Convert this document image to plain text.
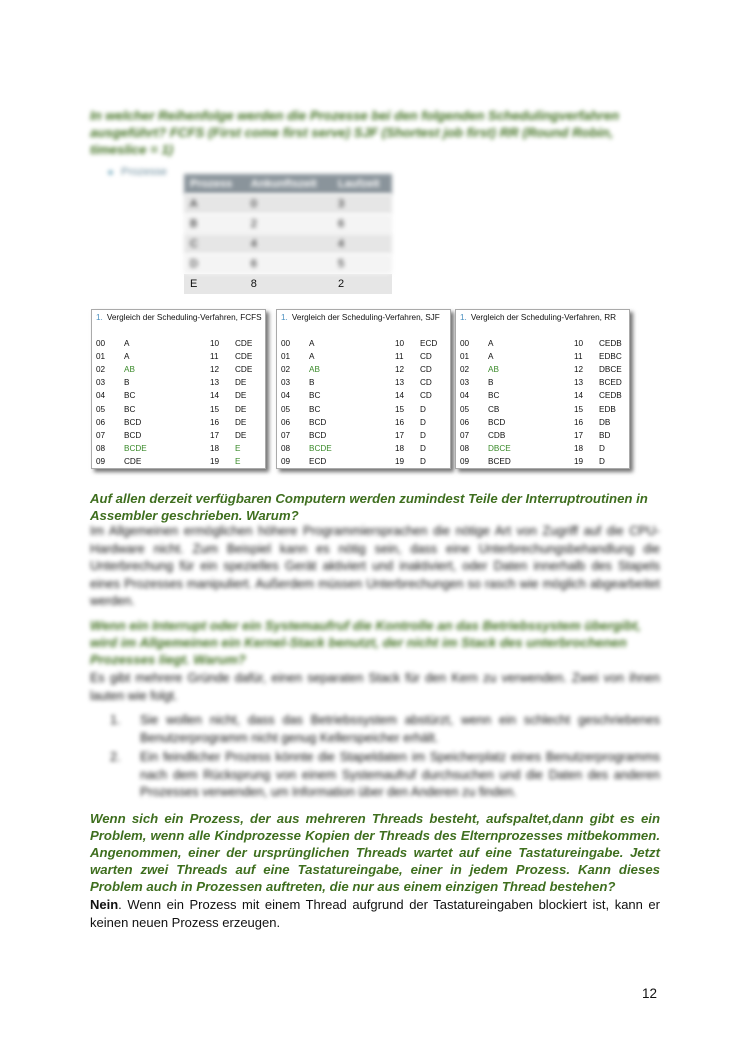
In welcher Reihenfolge werden die Prozesse bei den folgenden Schedulingverfahren ausgeführt? FCFS (First come first serve) SJF (Shortest job first) RR (Round Robin, timeslice = 1)
Prozesse
Prozess	Ankunftszeit	Laufzeit
A	0	3
B	2	6
C	4	4
D	6	5
E	8	2
1. Vergleich der Scheduling-Verfahren, FCFS
00 A	10 CDE
01 A	11 CDE
02 AB	12 CDE
03 B	13 DE
04 BC	14 DE
05 BC	15 DE
06 BCD	16 DE
07 BCD	17 DE
08 BCDE	18 E
09 CDE	19 E
1. Vergleich der Scheduling-Verfahren, SJF
00 A	10 ECD
01 A	11 CD
02 AB	12 CD
03 B	13 CD
04 BC	14 CD
05 BC	15 D
06 BCD	16 D
07 BCD	17 D
08 BCDE	18 D
09 ECD	19 D
1. Vergleich der Scheduling-Verfahren, RR
00 A	10 CEDB
01 A	11 EDBC
02 AB	12 DBCE
03 B	13 BCED
04 BC	14 CEDB
05 CB	15 EDB
06 BCD	16 DB
07 CDB	17 BD
08 DBCE	18 D
09 BCED	19 D
Auf allen derzeit verfügbaren Computern werden zumindest Teile der Interruptroutinen in Assembler geschrieben. Warum?
Im Allgemeinen ermöglichen höhere Programmiersprachen die nötige Art von Zugriff auf die CPU-Hardware nicht. Zum Beispiel kann es nötig sein, dass eine Unterbrechungsbehandlung die Unterbrechung für ein spezielles Gerät aktiviert und inaktiviert, oder Daten innerhalb des Stapels eines Prozesses manipuliert. Außerdem müssen Unterbrechungen so rasch wie möglich abgearbeitet werden.
Wenn ein Interrupt oder ein Systemaufruf die Kontrolle an das Betriebssystem übergibt, wird im Allgemeinen ein Kernel-Stack benutzt, der nicht im Stack des unterbrochenen Prozesses liegt. Warum?
Es gibt mehrere Gründe dafür, einen separaten Stack für den Kern zu verwenden. Zwei von ihnen lauten wie folgt.
1. Sie wollen nicht, dass das Betriebssystem abstürzt, wenn ein schlecht geschriebenes Benutzerprogramm nicht genug Kellerspeicher erhält.
2. Ein feindlicher Prozess könnte die Stapeldaten im Speicherplatz eines Benutzerprogramms nach dem Rücksprung von einem Systemaufruf durchsuchen und die Daten des anderen Prozesses verwenden, um Information über den Anderen zu finden.
Wenn sich ein Prozess, der aus mehreren Threads besteht, aufspaltet,dann gibt es ein Problem, wenn alle Kindprozesse Kopien der Threads des Elternprozesses mitbekommen. Angenommen, einer der ursprünglichen Threads wartet auf eine Tastatureingabe. Jetzt warten zwei Threads auf eine Tastatureingabe, einer in jedem Prozess. Kann dieses Problem auch in Prozessen auftreten, die nur aus einem einzigen Thread bestehen?
Nein. Wenn ein Prozess mit einem Thread aufgrund der Tastatureingaben blockiert ist, kann er keinen neuen Prozess erzeugen.
12
